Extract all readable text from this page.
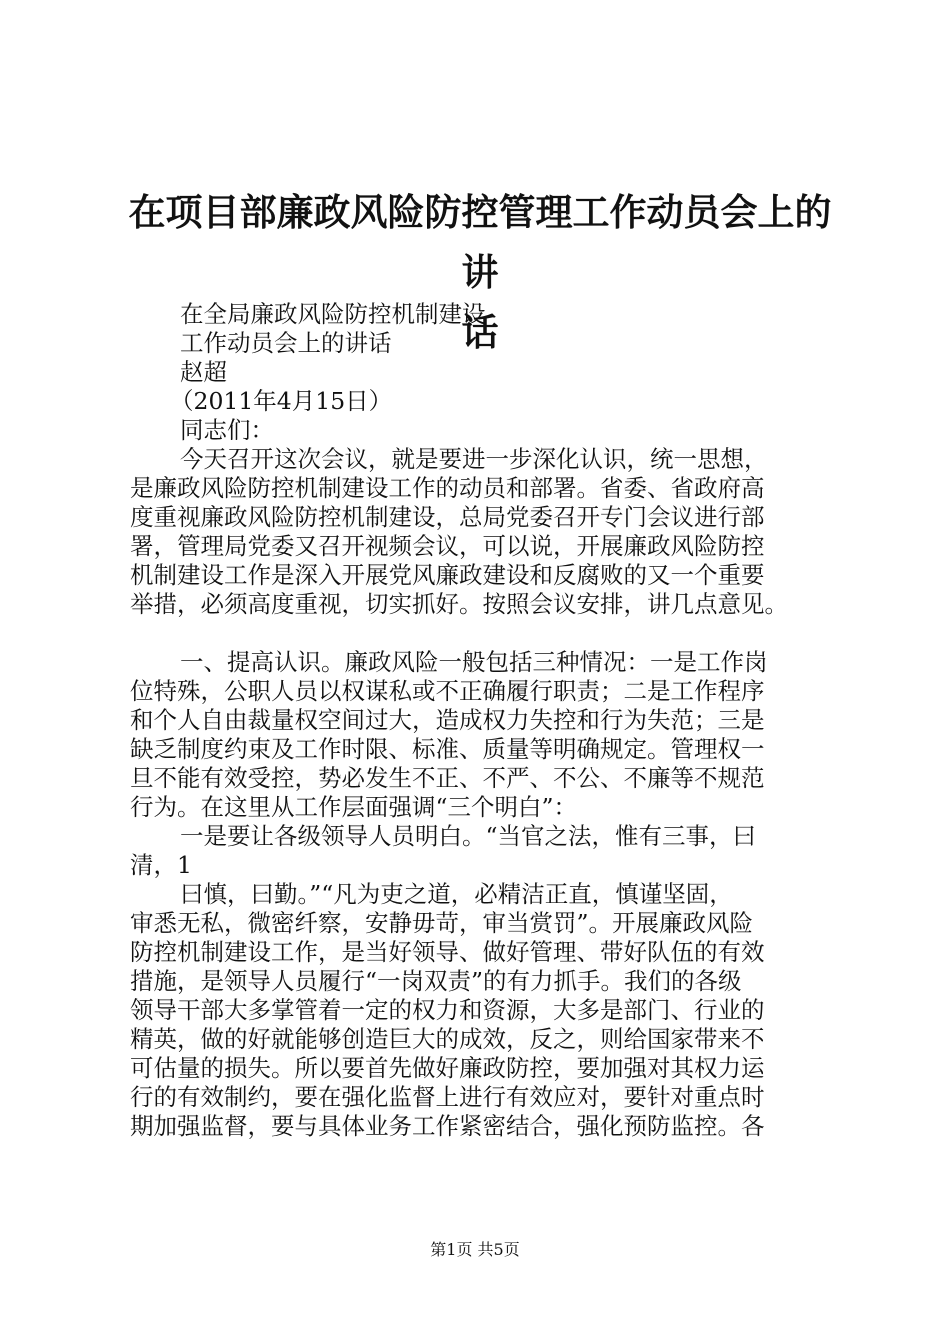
在项目部廉政风险防控管理工作动员会上的讲
话
在全局廉政风险防控机制建设
工作动员会上的讲话
赵超
（2011年4月15日）
同志们：
今天召开这次会议，就是要进一步深化认识，统一思想，
是廉政风险防控机制建设工作的动员和部署。省委、省政府高
度重视廉政风险防控机制建设，总局党委召开专门会议进行部
署，管理局党委又召开视频会议，可以说，开展廉政风险防控
机制建设工作是深入开展党风廉政建设和反腐败的又一个重要
举措，必须高度重视，切实抓好。按照会议安排，讲几点意见。
一、提高认识。廉政风险一般包括三种情况：一是工作岗
位特殊，公职人员以权谋私或不正确履行职责；二是工作程序
和个人自由裁量权空间过大，造成权力失控和行为失范；三是
缺乏制度约束及工作时限、标准、质量等明确规定。管理权一
旦不能有效受控，势必发生不正、不严、不公、不廉等不规范
行为。在这里从工作层面强调“三个明白”：
一是要让各级领导人员明白。“当官之法，惟有三事，曰
清，1
曰慎，曰勤。”“凡为吏之道，必精洁正直，慎谨坚固，
审悉无私，微密纤察，安静毋苛，审当赏罚”。开展廉政风险
防控机制建设工作，是当好领导、做好管理、带好队伍的有效
措施，是领导人员履行“一岗双责”的有力抓手。我们的各级
领导干部大多掌管着一定的权力和资源，大多是部门、行业的
精英，做的好就能够创造巨大的成效，反之，则给国家带来不
可估量的损失。所以要首先做好廉政防控，要加强对其权力运
行的有效制约，要在强化监督上进行有效应对，要针对重点时
期加强监督，要与具体业务工作紧密结合，强化预防监控。各
第1页 共5页
